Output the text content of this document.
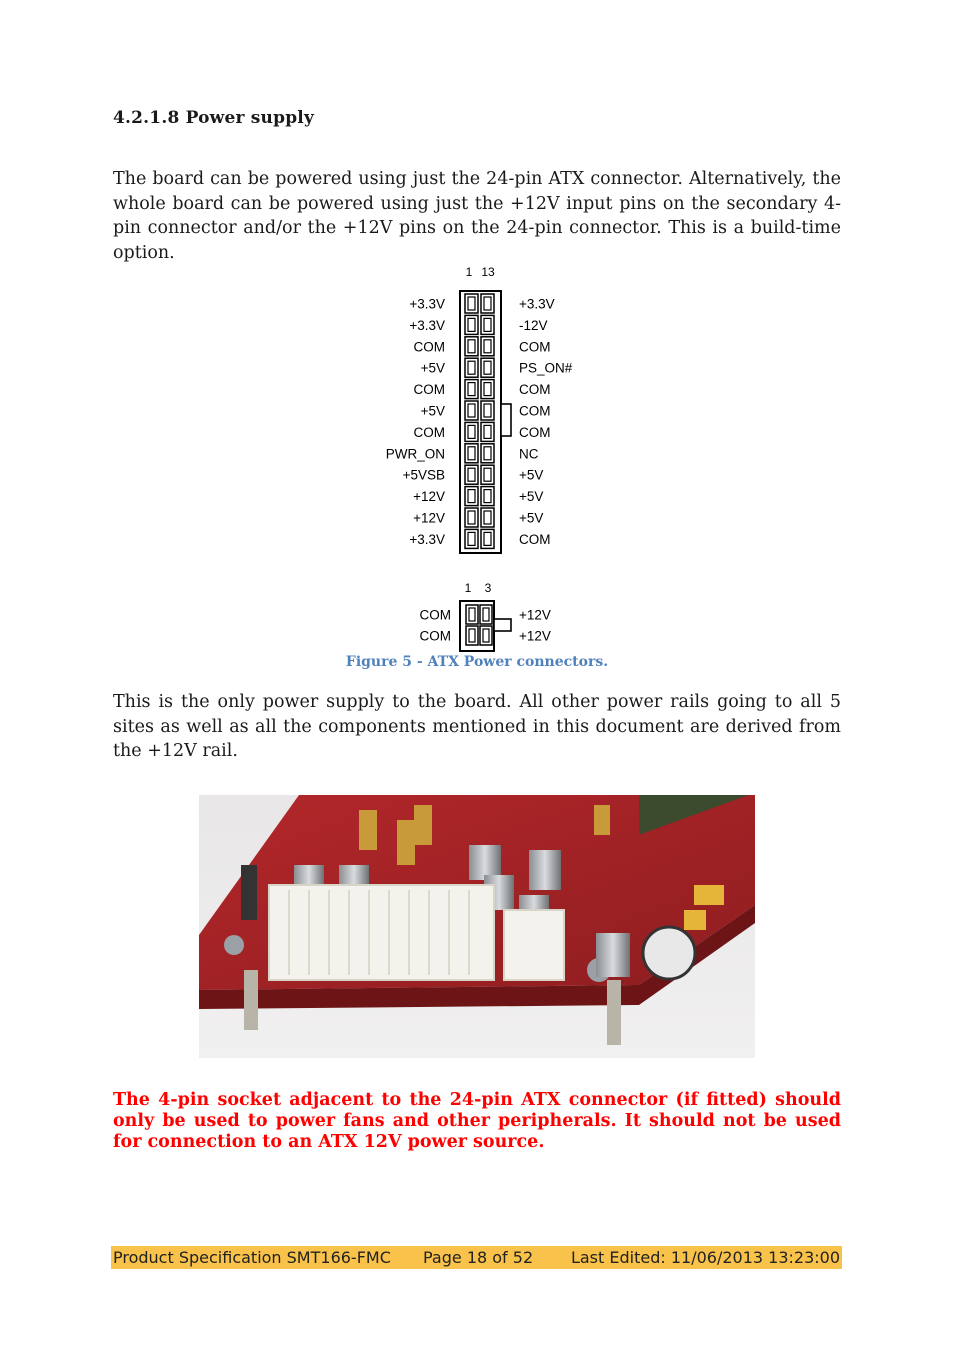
4.2.1.8 Power supply
The board can be powered using just the 24-pin ATX connector. Alternatively, the whole board can be powered using just the +12V input pins on the secondary 4-pin connector and/or the +12V pins on the 24-pin connector. This is a build-time option.
1 13
+3.3V	+3.3V
+3.3V	-12V
COM	COM
+5V	PS_ON#
COM	COM
+5V	COM
COM	COM
PWR_ON	NC
+5VSB	+5V
+12V	+5V
+12V	+5V
+3.3V	COM
1 3
COM	+12V
COM	+12V
Figure 5 - ATX Power connectors.
This is the only power supply to the board. All other power rails going to all 5 sites as well as all the components mentioned in this document are derived from the +12V rail.
The 4-pin socket adjacent to the 24-pin ATX connector (if fitted) should only be used to power fans and other peripherals. It should not be used for connection to an ATX 12V power source.
Product Specification SMT166-FMC Page 18 of 52 Last Edited: 11/06/2013 13:23:00
